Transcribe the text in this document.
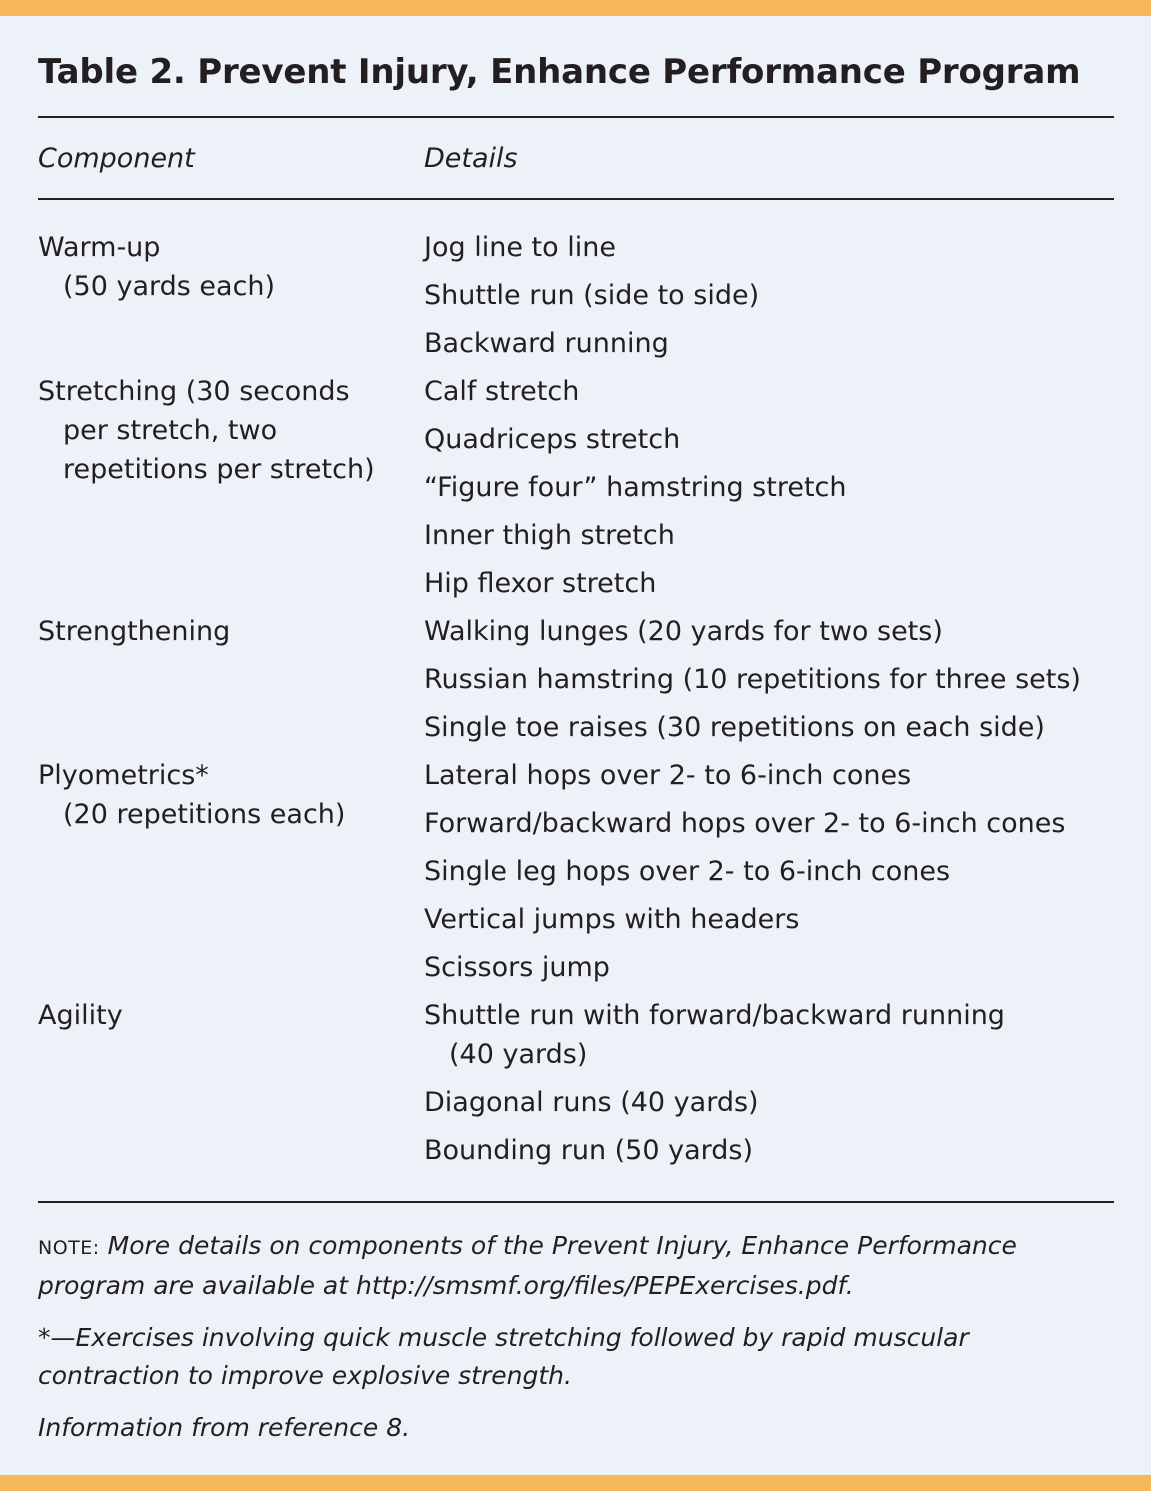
Table 2. Prevent Injury, Enhance Performance Program
Component	Details
Warm-up
(50 yards each)	Jog line to line
Shuttle run (side to side)
Backward running

Stretching (30 seconds
per stretch, two
repetitions per stretch)	Calf stretch
Quadriceps stretch
“Figure four” hamstring stretch
Inner thigh stretch
Hip flexor stretch

Strengthening	Walking lunges (20 yards for two sets)
Russian hamstring (10 repetitions for three sets)
Single toe raises (30 repetitions on each side)

Plyometrics*
(20 repetitions each)	Lateral hops over 2- to 6-inch cones
Forward/backward hops over 2- to 6-inch cones
Single leg hops over 2- to 6-inch cones
Vertical jumps with headers
Scissors jump

Agility	Shuttle run with forward/backward running
(40 yards)
Diagonal runs (40 yards)
Bounding run (50 yards)

NOTE: More details on components of the Prevent Injury, Enhance Performance program are available at http://smsmf.org/files/PEPExercises.pdf.

*—Exercises involving quick muscle stretching followed by rapid muscular contraction to improve explosive strength.

Information from reference 8.
